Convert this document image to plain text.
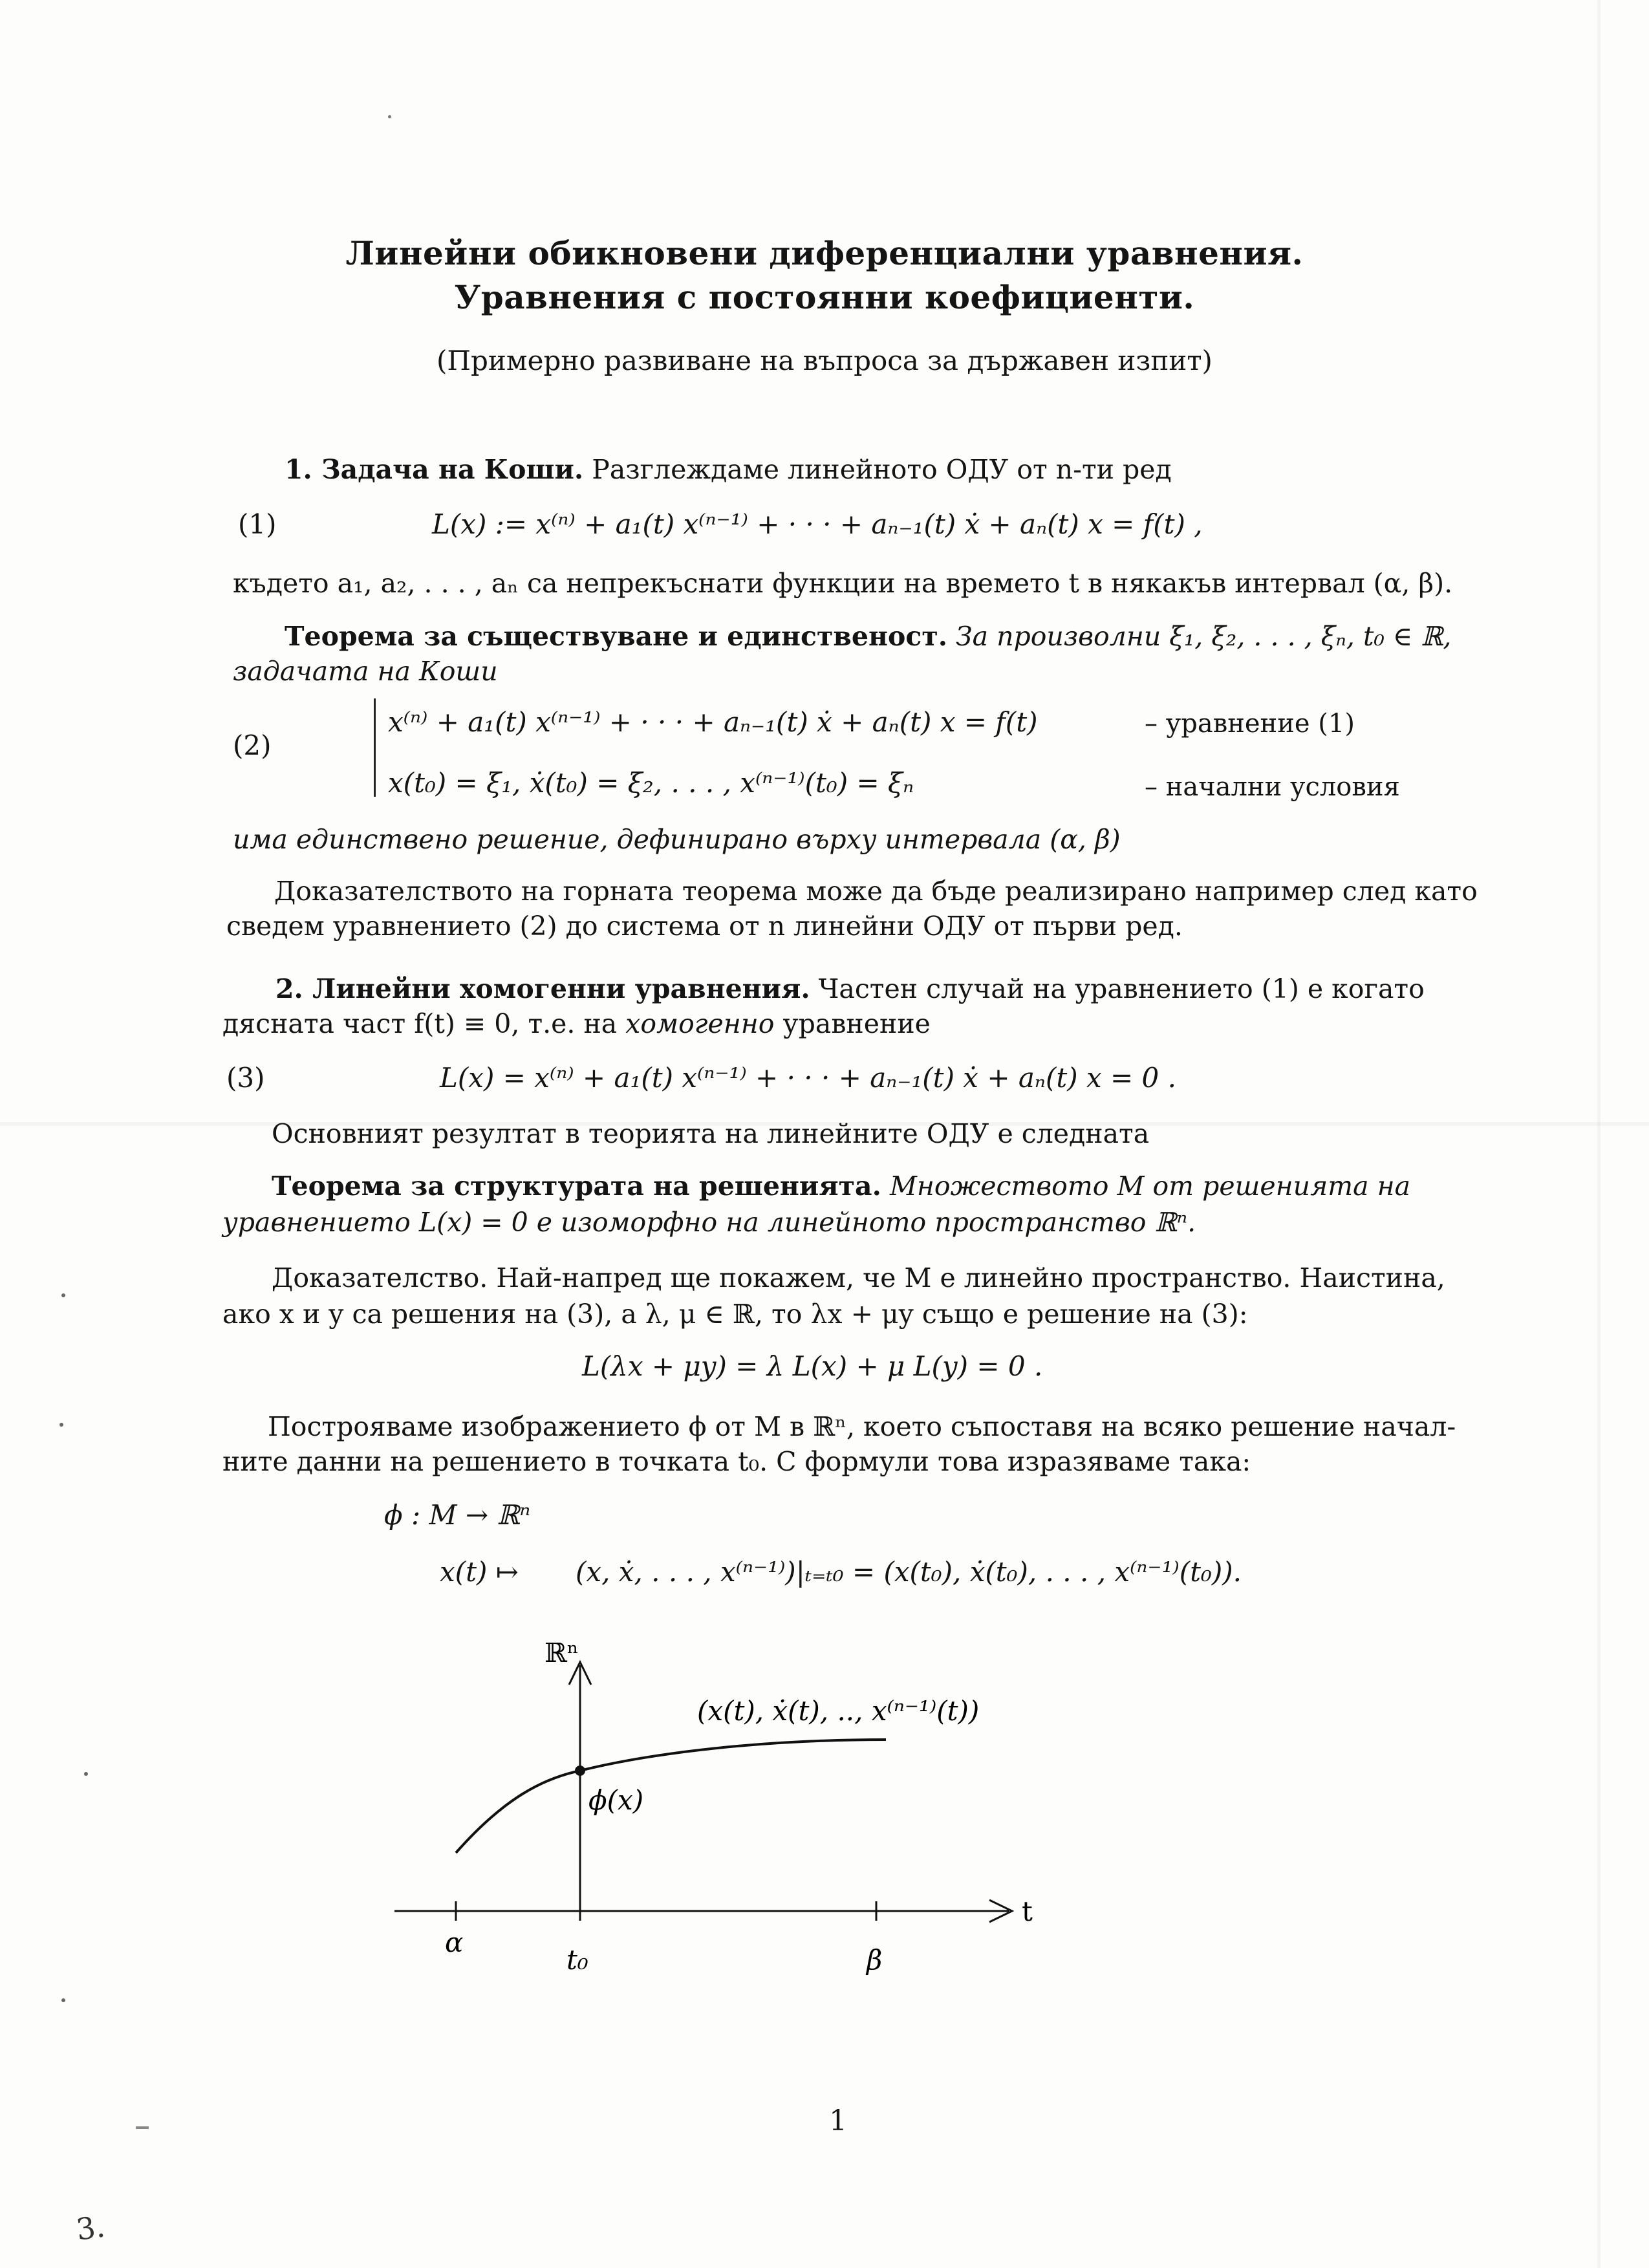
Линейни обикновени диференциални уравнения.
Уравнения с постоянни коефициенти.
(Примерно развиване на въпроса за държавен изпит)
1. Задача на Коши. Разглеждаме линейното ОДУ от n-ти ред
(1)	L(x) := x⁽ⁿ⁾ + a₁(t) x⁽ⁿ⁻¹⁾ + · · · + aₙ₋₁(t) ẋ + aₙ(t) x = f(t) ,
където a₁, a₂, . . . , aₙ са непрекъснати функции на времето t в някакъв интервал (α, β).
Теорема за съществуване и единственост. За произволни ξ₁, ξ₂, . . . , ξₙ, t₀ ∈ ℝ,
задачата на Коши
(2)
x⁽ⁿ⁾ + a₁(t) x⁽ⁿ⁻¹⁾ + · · · + aₙ₋₁(t) ẋ + aₙ(t) x = f(t)	– уравнение (1)
x(t₀) = ξ₁, ẋ(t₀) = ξ₂, . . . , x⁽ⁿ⁻¹⁾(t₀) = ξₙ	– начални условия
има единствено решение, дефинирано върху интервала (α, β)
Доказателството на горната теорема може да бъде реализирано например след като
сведем уравнението (2) до система от n линейни ОДУ от първи ред.
2. Линейни хомогенни уравнения. Частен случай на уравнението (1) е когато
дясната част f(t) ≡ 0, т.е. на хомогенно уравнение
(3)	L(x) = x⁽ⁿ⁾ + a₁(t) x⁽ⁿ⁻¹⁾ + · · · + aₙ₋₁(t) ẋ + aₙ(t) x = 0 .
Основният резултат в теорията на линейните ОДУ е следната
Теорема за структурата на решенията. Множеството M от решенията на
уравнението L(x) = 0 е изоморфно на линейното пространство ℝⁿ.
Доказателство. Най-напред ще покажем, че M е линейно пространство. Наистина,
ако x и y са решения на (3), а λ, μ ∈ ℝ, то λx + μy също е решение на (3):
L(λx + μy) = λ L(x) + μ L(y) = 0 .
Построяваме изображението ϕ от M в ℝⁿ, което съпоставя на всяко решение начал-
ните данни на решението в точката t₀. С формули това изразяваме така:
ϕ : M → ℝⁿ
x(t) ↦ (x, ẋ, . . . , x⁽ⁿ⁻¹⁾)|ₜ₌ₜ₀ = (x(t₀), ẋ(t₀), . . . , x⁽ⁿ⁻¹⁾(t₀)).
ℝⁿ
t
(x(t), ẋ(t), .., x⁽ⁿ⁻¹⁾(t))
ϕ(x)
α
t₀	β
1
3.
